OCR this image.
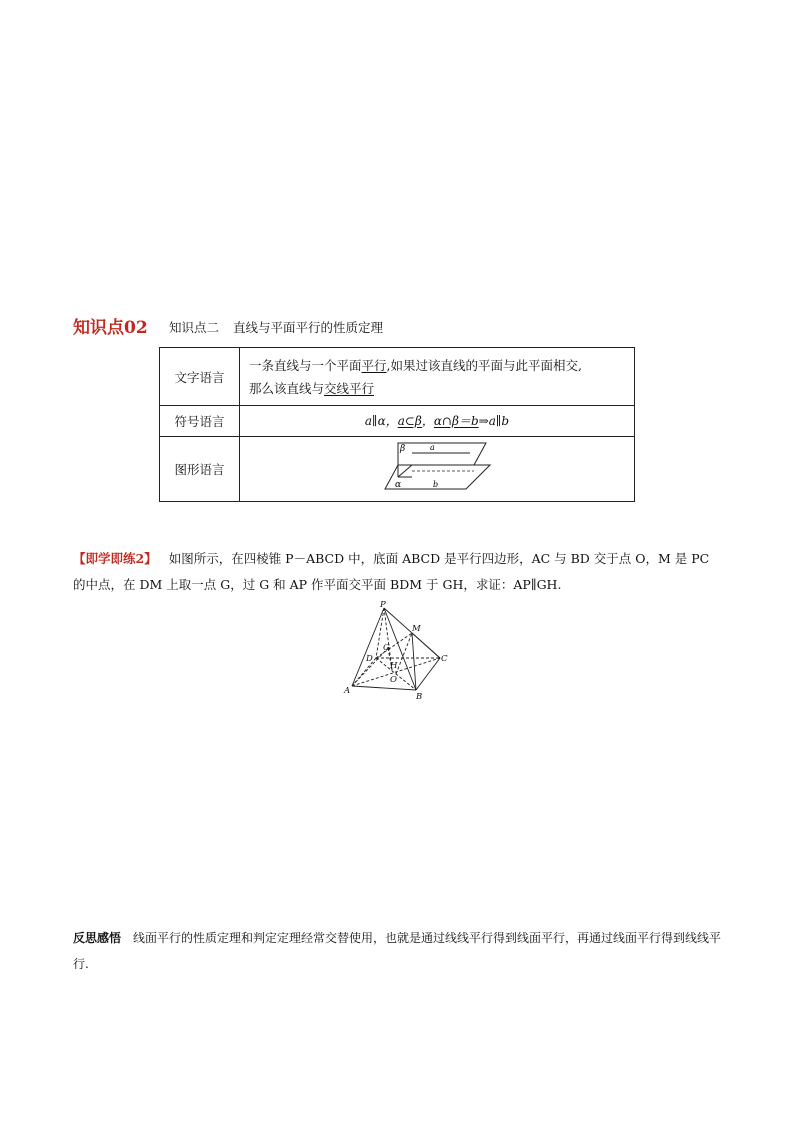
知识点02 知识点二 直线与平面平行的性质定理
文字语言	一条直线与一个平面平行,如果过该直线的平面与此平面相交,
那么该直线与交线平行
符号语言	a∥α，a⊂β，α∩β＝b⇒a∥b
图形语言	β a
α b
【即学即练2】 如图所示，在四棱锥 P－ABCD 中，底面 ABCD 是平行四边形，AC 与 BD 交于点 O，M 是 PC 的中点，在 DM 上取一点 G，过 G 和 AP 作平面交平面 BDM 于 GH，求证：AP∥GH.
P
M
G
D
H
C
O
A
B
反思感悟 线面平行的性质定理和判定定理经常交替使用，也就是通过线线平行得到线面平行，再通过线面平行得到线线平行.
